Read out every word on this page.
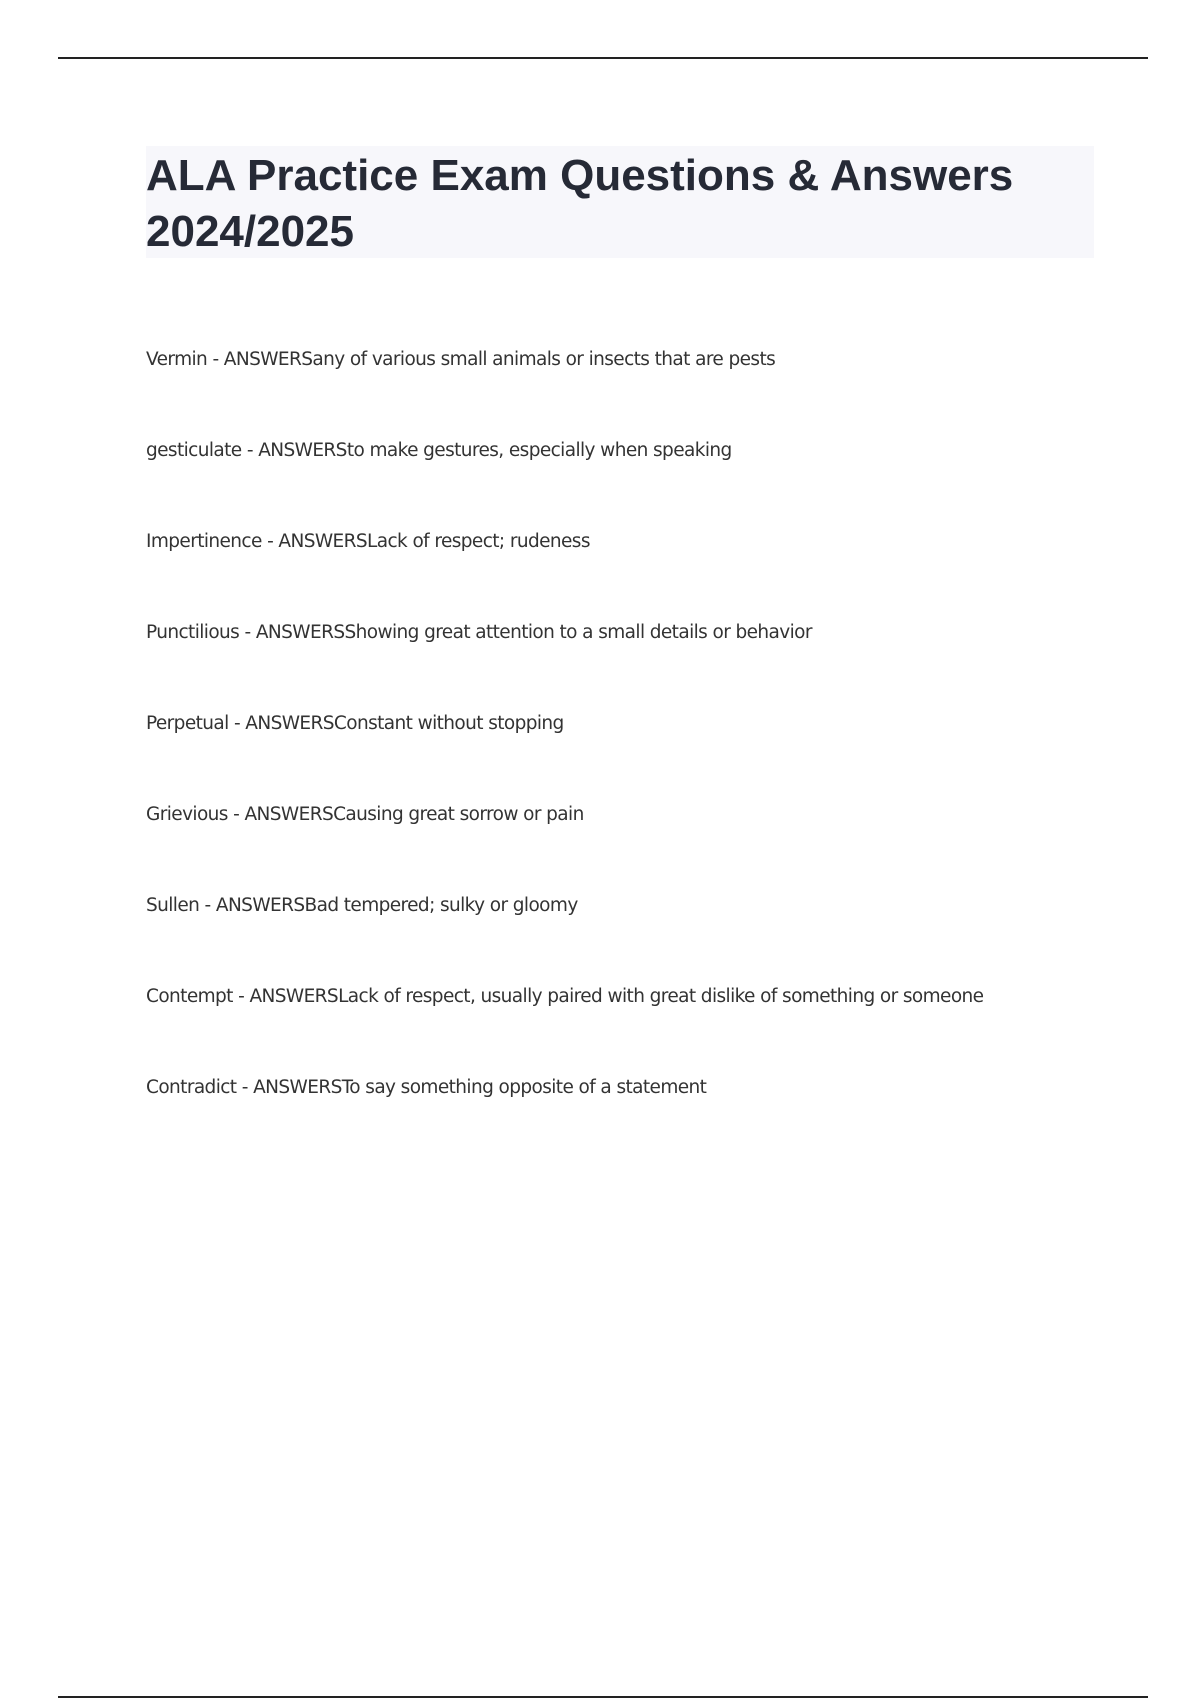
ALA Practice Exam Questions & Answers 2024/2025
Vermin - ANSWERSany of various small animals or insects that are pests
gesticulate - ANSWERSto make gestures, especially when speaking
Impertinence - ANSWERSLack of respect; rudeness
Punctilious - ANSWERSShowing great attention to a small details or behavior
Perpetual - ANSWERSConstant without stopping
Grievious - ANSWERSCausing great sorrow or pain
Sullen - ANSWERSBad tempered; sulky or gloomy
Contempt - ANSWERSLack of respect, usually paired with great dislike of something or someone
Contradict - ANSWERSTo say something opposite of a statement
